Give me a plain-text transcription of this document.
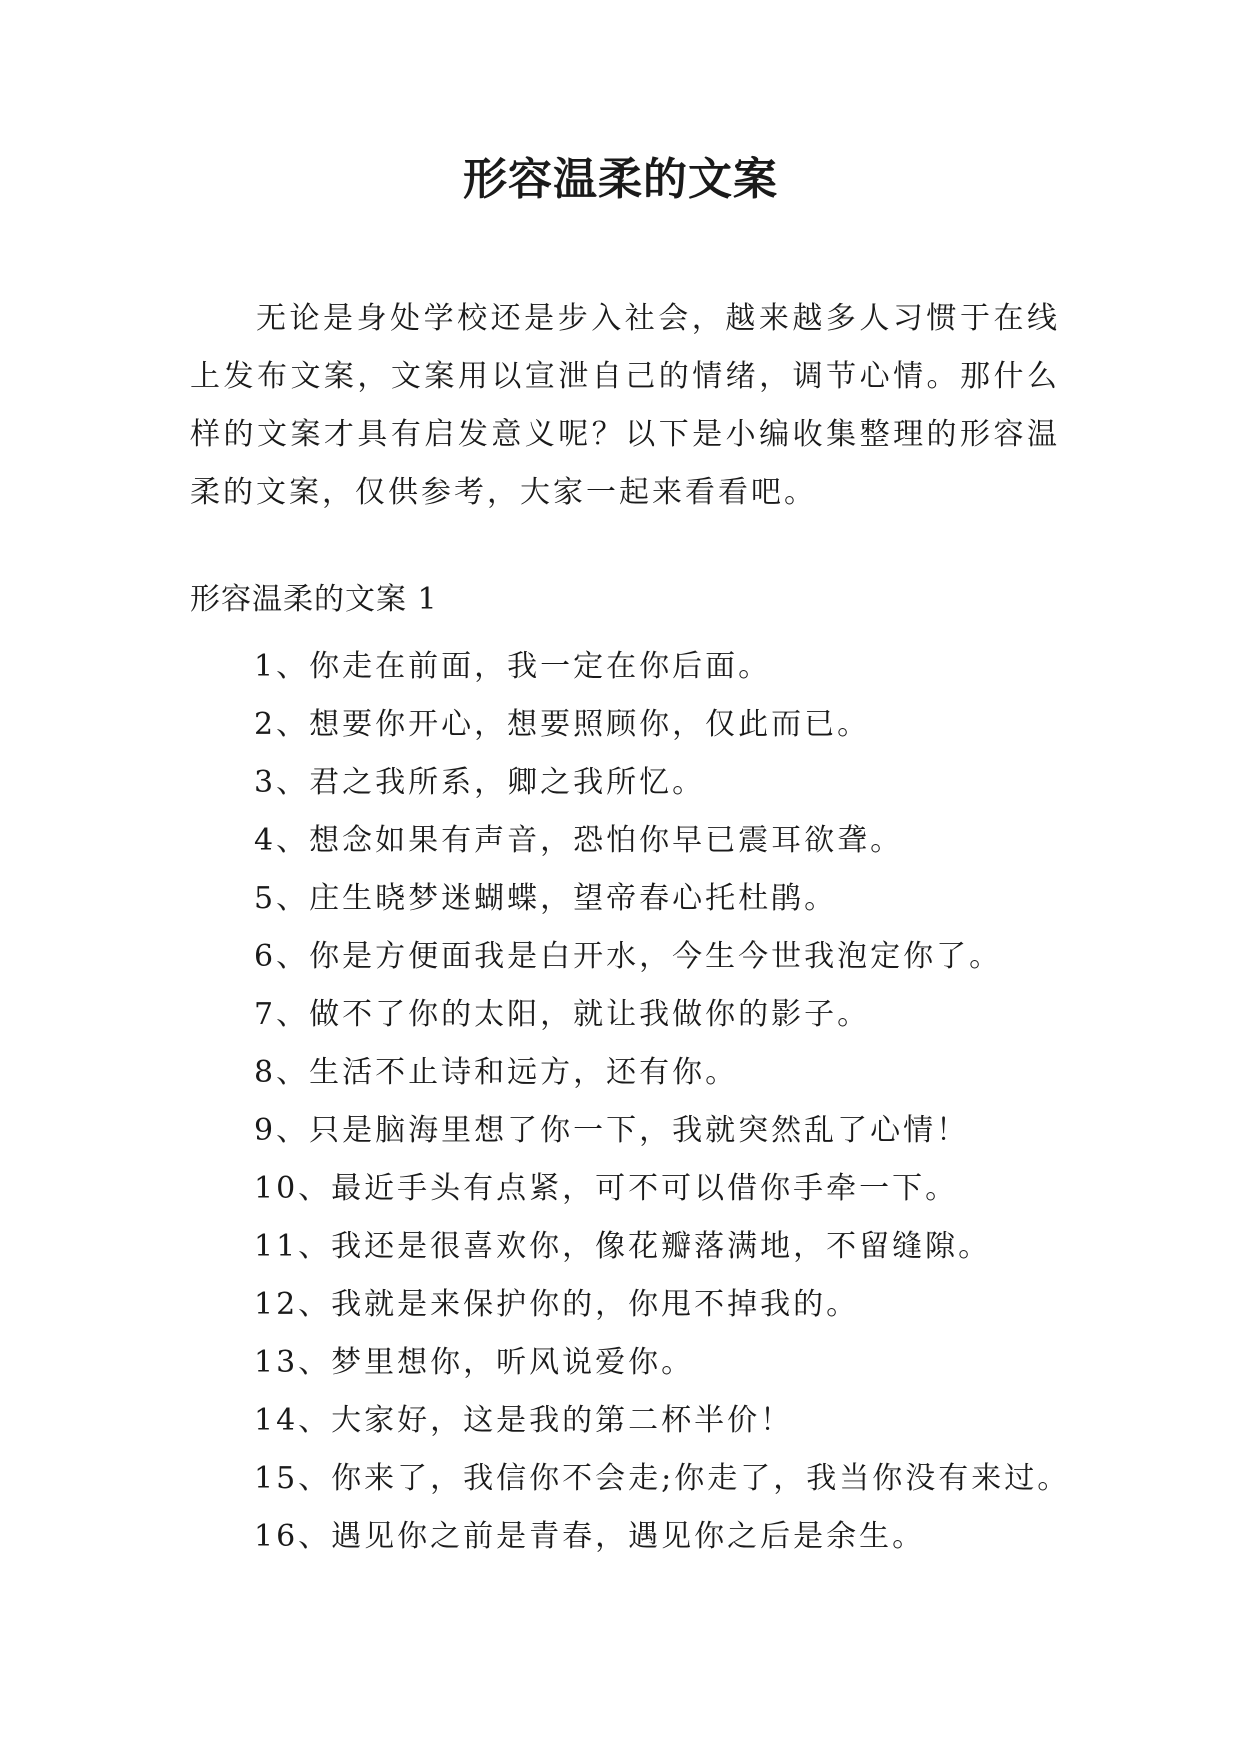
形容温柔的文案

无论是身处学校还是步入社会，越来越多人习惯于在线上发布文案，文案用以宣泄自己的情绪，调节心情。那什么样的文案才具有启发意义呢？以下是小编收集整理的形容温柔的文案，仅供参考，大家一起来看看吧。

形容温柔的文案 1
1、你走在前面，我一定在你后面。
2、想要你开心，想要照顾你，仅此而已。
3、君之我所系，卿之我所忆。
4、想念如果有声音，恐怕你早已震耳欲聋。
5、庄生晓梦迷蝴蝶，望帝春心托杜鹃。
6、你是方便面我是白开水，今生今世我泡定你了。
7、做不了你的太阳，就让我做你的影子。
8、生活不止诗和远方，还有你。
9、只是脑海里想了你一下，我就突然乱了心情！
10、最近手头有点紧，可不可以借你手牵一下。
11、我还是很喜欢你，像花瓣落满地，不留缝隙。
12、我就是来保护你的，你甩不掉我的。
13、梦里想你，听风说爱你。
14、大家好，这是我的第二杯半价！
15、你来了，我信你不会走;你走了，我当你没有来过。
16、遇见你之前是青春，遇见你之后是余生。
